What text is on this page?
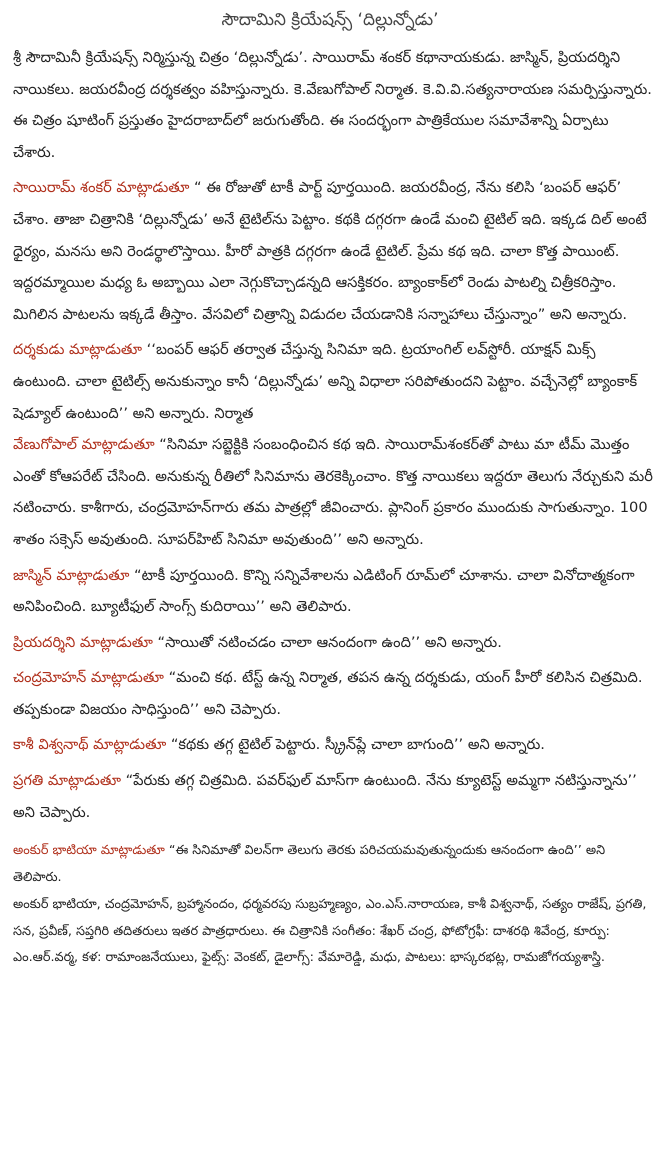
సౌదామిని క్రియేషన్స్ ‘దిల్లున్నోడు’

శ్రీ సౌదామినీ క్రియేషన్స్ నిర్మిస్తున్న చిత్రం ‘దిల్లున్నోడు’. సాయిరామ్ శంకర్ కథానాయకుడు. జాస్మిన్, ప్రియదర్శిని నాయికలు. జయరవీంద్ర దర్శకత్వం వహిస్తున్నారు. కె.వేణుగోపాల్ నిర్మాత. కె.వి.వి.సత్యనారాయణ సమర్పిస్తున్నారు. ఈ చిత్రం షూటింగ్ ప్రస్తుతం హైదరాబాద్‌లో జరుగుతోంది. ఈ సందర్భంగా పాత్రికేయుల సమావేశాన్ని ఏర్పాటు చేశారు.

సాయిరామ్ శంకర్ మాట్లాడుతూ “ ఈ రోజుతో టాకీ పార్ట్ పూర్తయింది. జయరవీంద్ర, నేను కలిసి ‘బంపర్ ఆఫర్’ చేశాం. తాజా చిత్రానికి ‘దిల్లున్నోడు’ అనే టైటిల్‌ను పెట్టాం. కథకి దగ్గరగా ఉండే మంచి టైటిల్ ఇది. ఇక్కడ దిల్ అంటే ధైర్యం, మనసు అని రెండర్థాలొస్తాయి. హీరో పాత్రకి దగ్గరగా ఉండే టైటిల్. ప్రేమ కథ ఇది. చాలా కొత్త పాయింట్. ఇద్దరమ్మాయిల మధ్య ఓ అబ్బాయి ఎలా నెగ్గుకొచ్చాడన్నది ఆసక్తికరం. బ్యాంకాక్‌లో రెండు పాటల్ని చిత్రీకరిస్తాం. మిగిలిన పాటలను ఇక్కడే తీస్తాం. వేసవిలో చిత్రాన్ని విడుదల చేయడానికి సన్నాహాలు చేస్తున్నాం” అని అన్నారు.

దర్శకుడు మాట్లాడుతూ ‘‘బంపర్ ఆఫర్ తర్వాత చేస్తున్న సినిమా ఇది. ట్రయాంగిల్ లవ్‌స్టోరీ. యాక్షన్ మిక్స్ ఉంటుంది. చాలా టైటిల్స్ అనుకున్నాం కానీ ‘దిల్లున్నోడు’ అన్ని విధాలా సరిపోతుందని పెట్టాం. వచ్చేనెల్లో బ్యాంకాక్ షెడ్యూల్ ఉంటుంది’’ అని అన్నారు. నిర్మాత

వేణుగోపాల్ మాట్లాడుతూ “సినిమా సబ్జెక్టికి సంబంధించిన కథ ఇది. సాయిరామ్‌శంకర్‌తో పాటు మా టీమ్ మొత్తం ఎంతో కోఆపరేట్ చేసింది. అనుకున్న రీతిలో సినిమాను తెరకెక్కించాం. కొత్త నాయికలు ఇద్దరూ తెలుగు నేర్చుకుని మరీ నటించారు. కాశీగారు, చంద్రమోహన్‌గారు తమ పాత్రల్లో జీవించారు. ప్లానింగ్ ప్రకారం ముందుకు సాగుతున్నాం. 100 శాతం సక్సెస్ అవుతుంది. సూపర్‌హిట్ సినిమా అవుతుంది’’ అని అన్నారు.

జాస్మిన్ మాట్లాడుతూ “టాకీ పూర్తయింది. కొన్ని సన్నివేశాలను ఎడిటింగ్ రూమ్‌లో చూశాను. చాలా వినోదాత్మకంగా అనిపించింది. బ్యూటీఫుల్ సాంగ్స్ కుదిరాయి’’ అని తెలిపారు.

ప్రియదర్శిని మాట్లాడుతూ “సాయితో నటించడం చాలా ఆనందంగా ఉంది’’ అని అన్నారు.

చంద్రమోహన్ మాట్లాడుతూ “మంచి కథ. టేస్ట్ ఉన్న నిర్మాత, తపన ఉన్న దర్శకుడు, యంగ్ హీరో కలిసిన చిత్రమిది. తప్పకుండా విజయం సాధిస్తుంది’’ అని చెప్పారు.

కాశీ విశ్వనాథ్ మాట్లాడుతూ “కథకు తగ్గ టైటిల్ పెట్టారు. స్క్రీన్‌ప్లే చాలా బాగుంది’’ అని అన్నారు.

ప్రగతి మాట్లాడుతూ “పేరుకు తగ్గ చిత్రమిది. పవర్‌ఫుల్ మాస్‌గా ఉంటుంది. నేను క్యూటెస్ట్ అమ్మగా నటిస్తున్నాను’’ అని చెప్పారు.

అంకుర్ భాటియా మాట్లాడుతూ “ఈ సినిమాతో విలన్‌గా తెలుగు తెరకు పరిచయమవుతున్నందుకు ఆనందంగా ఉంది’’ అని తెలిపారు.

అంకుర్ భాటియా, చంద్రమోహన్, బ్రహ్మానందం, ధర్మవరపు సుబ్రహ్మణ్యం, ఎం.ఎస్.నారాయణ, కాశీ విశ్వనాథ్, సత్యం రాజేష్, ప్రగతి, సన, ప్రవీణ్, సప్తగిరి తదితరులు ఇతర పాత్రధారులు. ఈ చిత్రానికి సంగీతం: శేఖర్ చంద్ర, ఫోటోగ్రఫీ: దాశరథి శివేంద్ర, కూర్పు: ఎం.ఆర్.వర్మ, కళ: రామాంజనేయులు, ఫైట్స్: వెంకట్, డైలాగ్స్: వేమారెడ్డి, మధు, పాటలు: భాస్కరభట్ల, రామజోగయ్యశాస్త్రి.
